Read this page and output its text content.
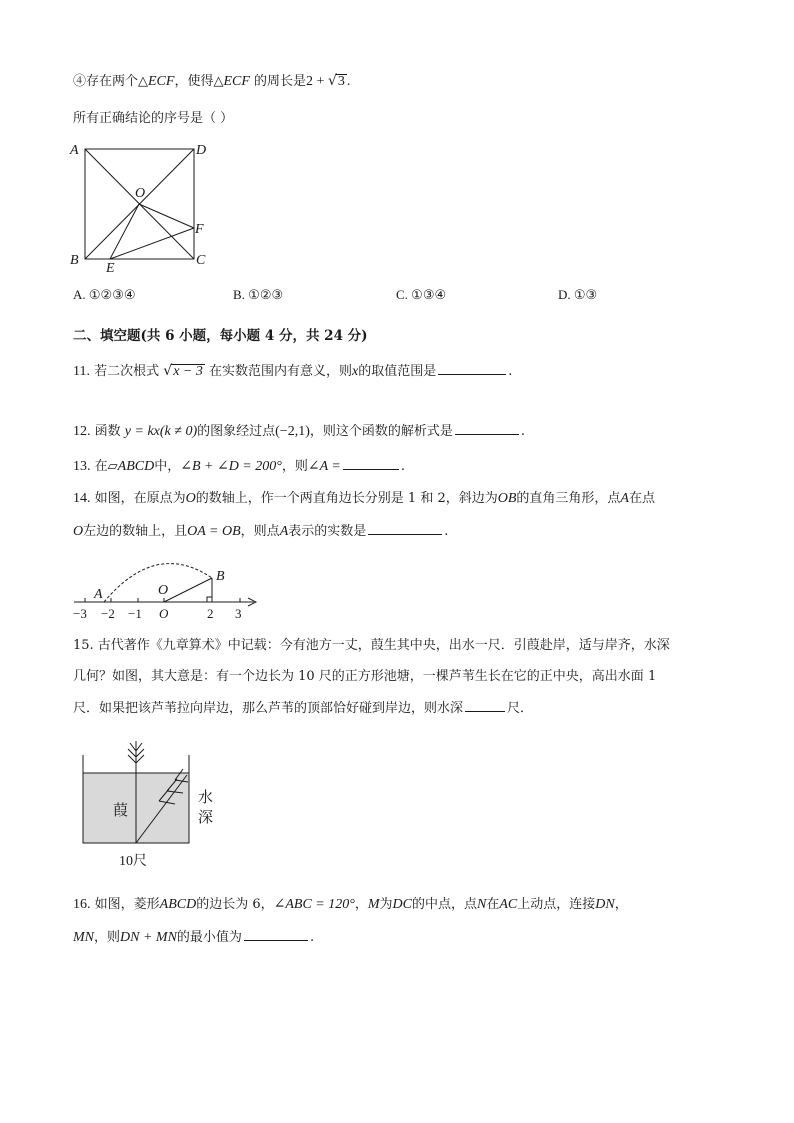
④存在两个△ECF，使得△ECF 的周长是2 + √3 .
所有正确结论的序号是（ ）
A	D
O
F
B
E
C
A. ①②③④	B. ①②③	C. ①③④	D. ①③
二、填空题(共 6 小题，每小题 4 分，共 24 分)
11. 若二次根式 √x − 3 在实数范围内有意义，则x的取值范围是	.
12. 函数 y = kx(k ≠ 0)的图象经过点(−2,1)，则这个函数的解析式是	.
13. 在▱ABCD中，∠B + ∠D = 200°，则∠A =	.
14. 如图，在原点为O的数轴上，作一个两直角边长分别是 1 和 2，斜边为OB的直角三角形，点A在点
O左边的数轴上，且OA = OB，则点A表示的实数是	.
A	O
B
−3 −2 −1 O	2 3
15. 古代著作《九章算术》中记载：今有池方一丈，葭生其中央，出水一尺．引葭赴岸，适与岸齐，水深
几何？如图，其大意是：有一个边长为 10 尺的正方形池塘，一棵芦苇生长在它的正中央，高出水面 1
尺．如果把该芦苇拉向岸边，那么芦苇的顶部恰好碰到岸边，则水深	尺．
葭
水
深
10尺
16. 如图，菱形ABCD的边长为 6，∠ABC = 120°，M为DC的中点，点N在AC上动点，连接DN，
MN，则DN + MN的最小值为	.
